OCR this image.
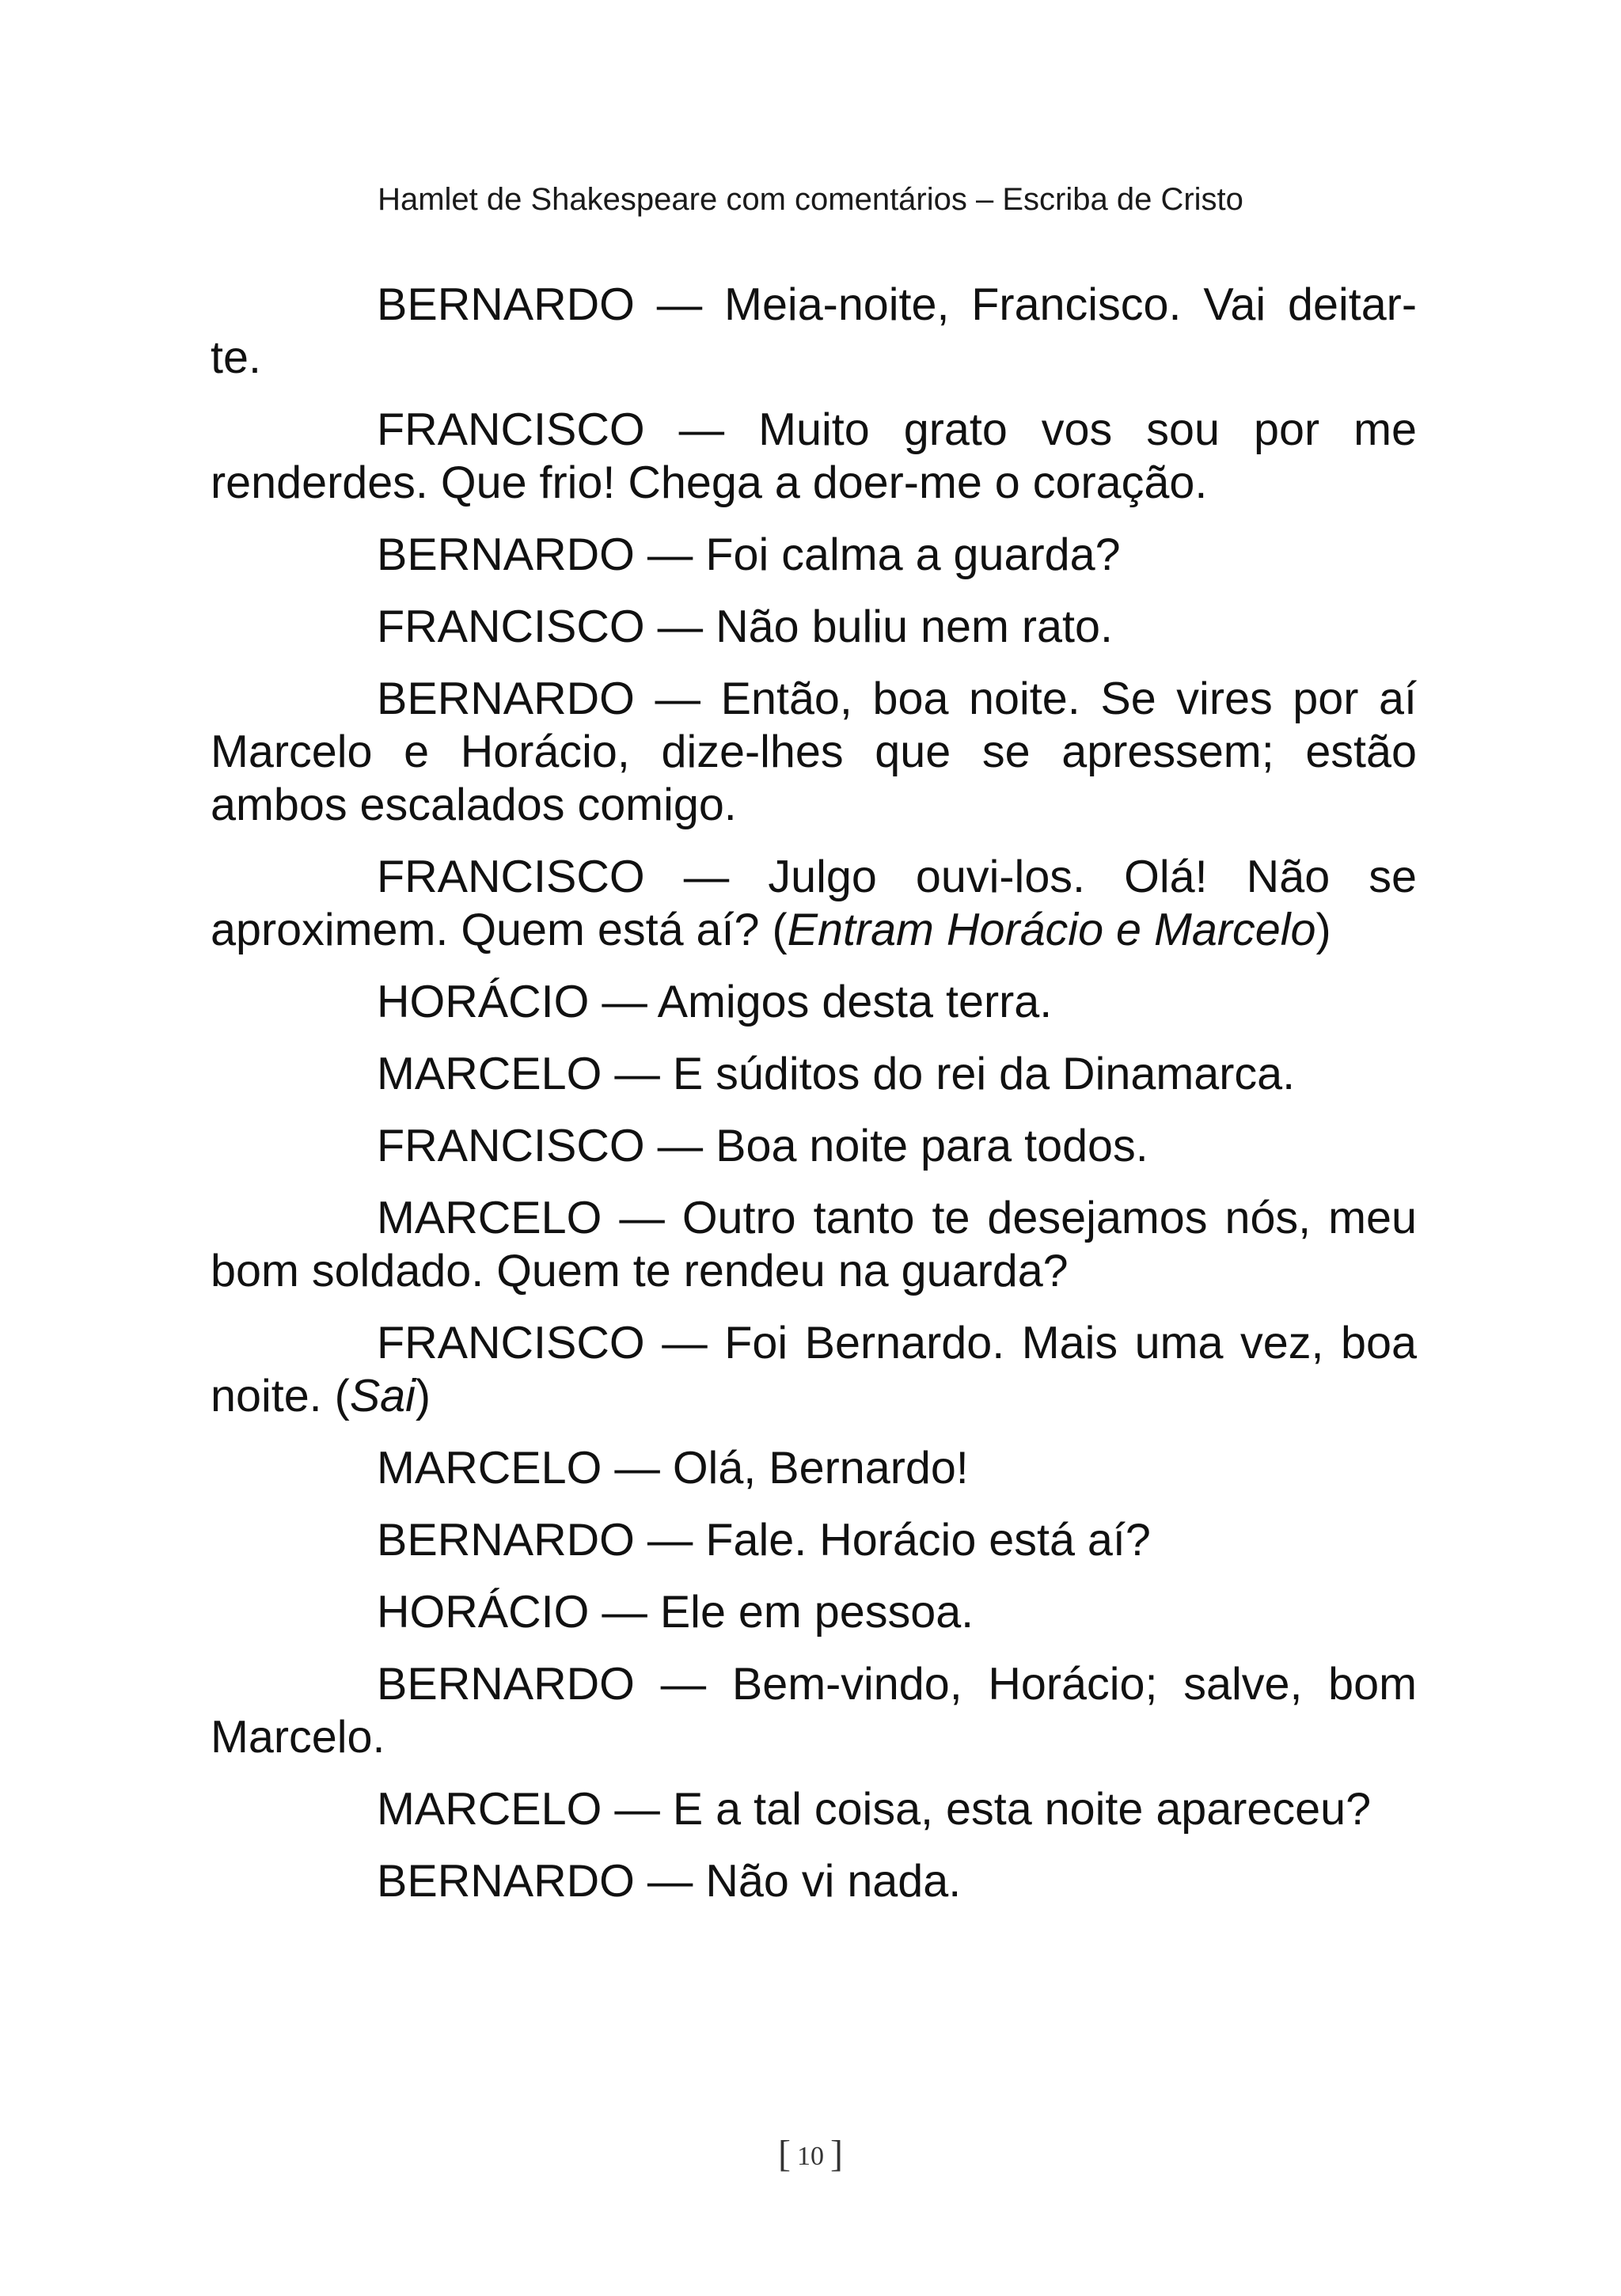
Hamlet de Shakespeare com comentários – Escriba de Cristo

BERNARDO — Meia-noite, Francisco. Vai deitar-te.

FRANCISCO — Muito grato vos sou por me renderdes. Que frio! Chega a doer-me o coração.

BERNARDO — Foi calma a guarda?

FRANCISCO — Não buliu nem rato.

BERNARDO — Então, boa noite. Se vires por aí Marcelo e Horácio, dize-lhes que se apressem; estão ambos escalados comigo.

FRANCISCO — Julgo ouvi-los. Olá! Não se aproximem. Quem está aí? (Entram Horácio e Marcelo)

HORÁCIO — Amigos desta terra.

MARCELO — E súditos do rei da Dinamarca.

FRANCISCO — Boa noite para todos.

MARCELO — Outro tanto te desejamos nós, meu bom soldado. Quem te rendeu na guarda?

FRANCISCO — Foi Bernardo. Mais uma vez, boa noite. (Sai)

MARCELO — Olá, Bernardo!

BERNARDO — Fale. Horácio está aí?

HORÁCIO — Ele em pessoa.

BERNARDO — Bem-vindo, Horácio; salve, bom Marcelo.

MARCELO — E a tal coisa, esta noite apareceu?

BERNARDO — Não vi nada.

[ 10 ]
